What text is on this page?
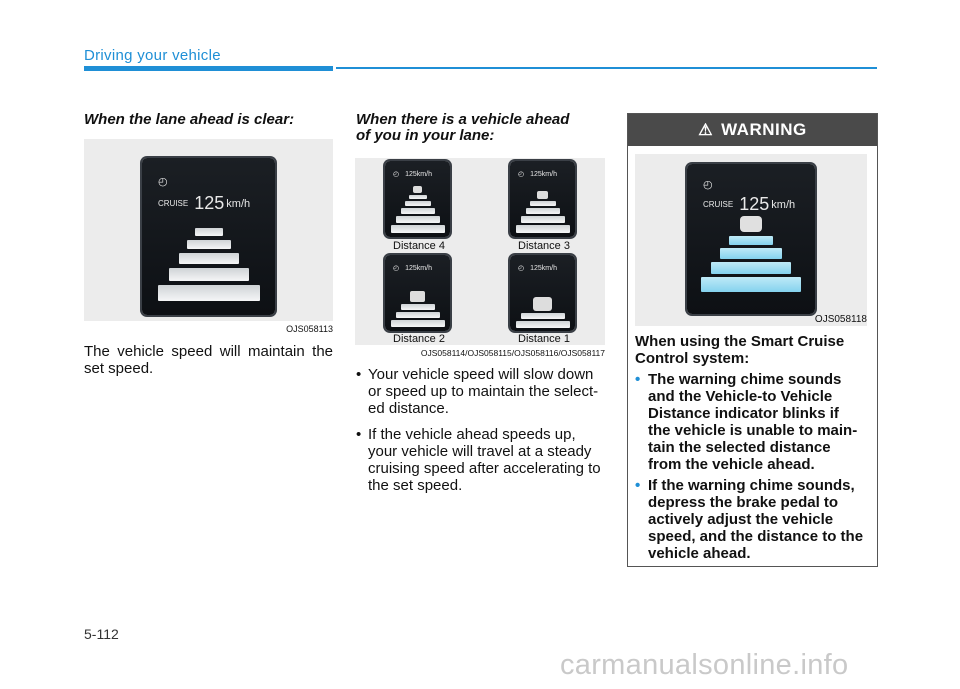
Driving your vehicle
When the lane ahead is clear:
◴
CRUISE 125 km/h
OJS058113
The vehicle speed will maintain the
set speed.
When there is a vehicle ahead
of you in your lane:
◴ 125km/h	◴ 125km/h
Distance 4	Distance 3
◴ 125km/h	◴ 125km/h
Distance 2	Distance 1
OJS058114/OJS058115/OJS058116/OJS058117
• Your vehicle speed will slow down
or speed up to maintain the select-
ed distance.
• If the vehicle ahead speeds up,
your vehicle will travel at a steady
cruising speed after accelerating to
the set speed.
⚠ WARNING
◴
CRUISE 125 km/h
OJS058118
When using the Smart Cruise
Control system:
• The warning chime sounds
and the Vehicle-to Vehicle
Distance indicator blinks if
the vehicle is unable to main-
tain the selected distance
from the vehicle ahead.
• If the warning chime sounds,
depress the brake pedal to
actively adjust the vehicle
speed, and the distance to the
vehicle ahead.
5-112
carmanualsonline.info
